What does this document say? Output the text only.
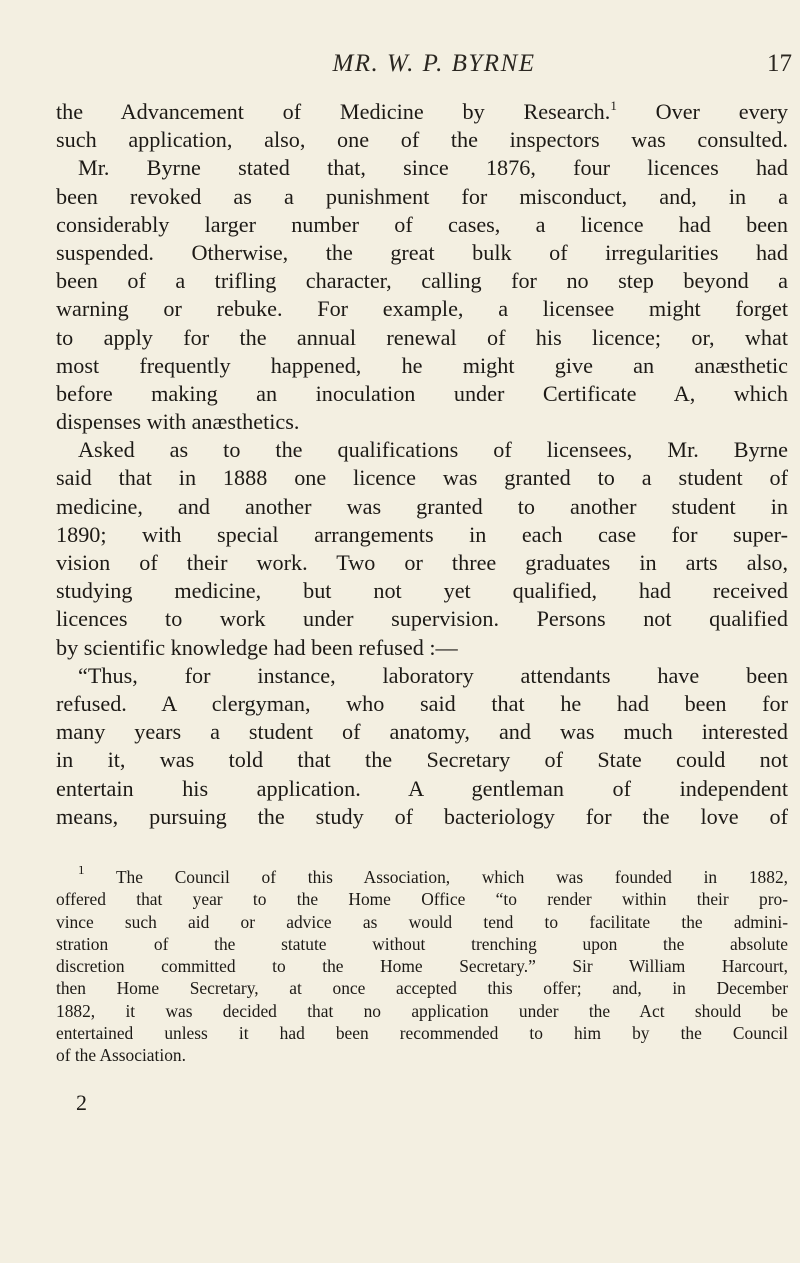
MR. W. P. BYRNE	17
the Advancement of Medicine by Research.$^1$ Over every
such application, also, one of the inspectors was consulted.
Mr. Byrne stated that, since 1876, four licences had
been revoked as a punishment for misconduct, and, in a
considerably larger number of cases, a licence had been
suspended. Otherwise, the great bulk of irregularities had
been of a trifling character, calling for no step beyond a
warning or rebuke. For example, a licensee might forget
to apply for the annual renewal of his licence; or, what
most frequently happened, he might give an anæsthetic
before making an inoculation under Certificate A, which
dispenses with anæsthetics.
Asked as to the qualifications of licensees, Mr. Byrne
said that in 1888 one licence was granted to a student of
medicine, and another was granted to another student in
1890; with special arrangements in each case for super-
vision of their work. Two or three graduates in arts also,
studying medicine, but not yet qualified, had received
licences to work under supervision. Persons not qualified
by scientific knowledge had been refused :—
“Thus, for instance, laboratory attendants have been
refused. A clergyman, who said that he had been for
many years a student of anatomy, and was much interested
in it, was told that the Secretary of State could not
entertain his application. A gentleman of independent
means, pursuing the study of bacteriology for the love of
$^1$ The Council of this Association, which was founded in 1882,
offered that year to the Home Office “to render within their pro-
vince such aid or advice as would tend to facilitate the admini-
stration of the statute without trenching upon the absolute
discretion committed to the Home Secretary.” Sir William Harcourt,
then Home Secretary, at once accepted this offer; and, in December
1882, it was decided that no application under the Act should be
entertained unless it had been recommended to him by the Council
of the Association.
2
